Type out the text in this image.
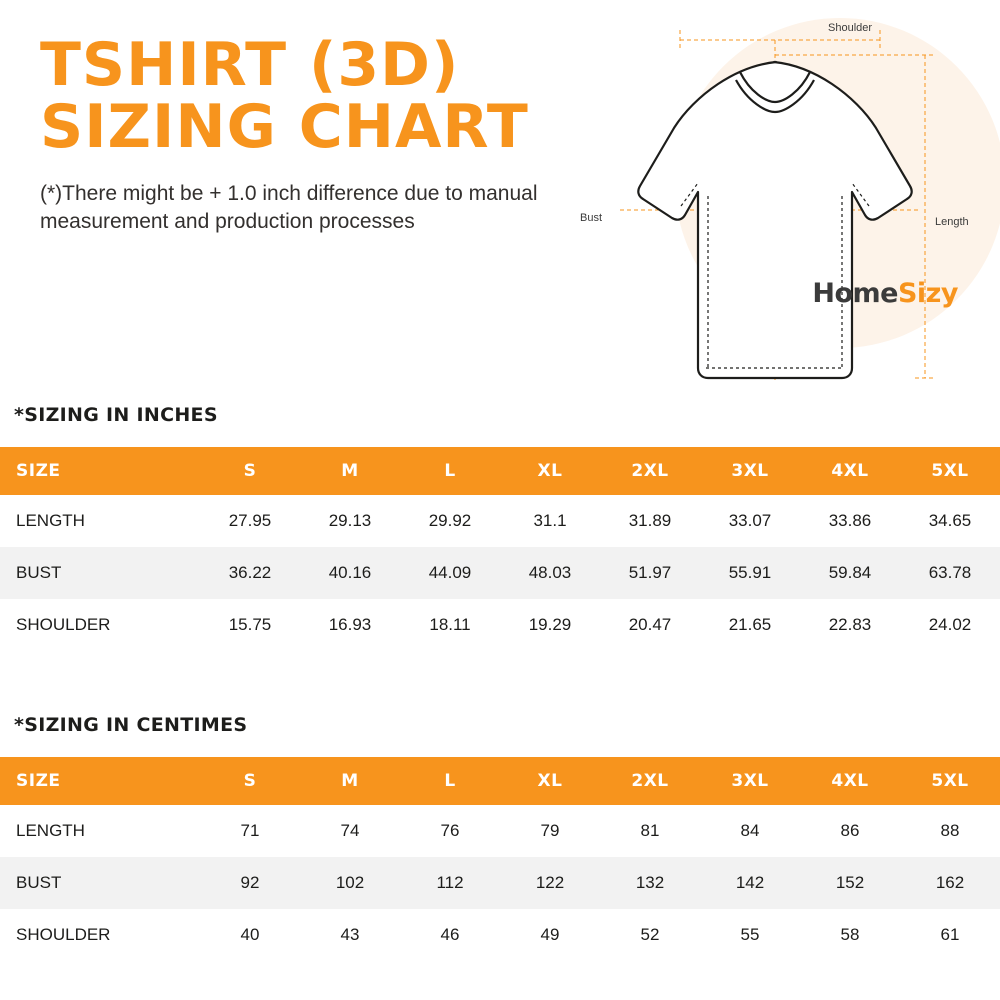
TSHIRT (3D)
SIZING CHART
(*)There might be + 1.0 inch difference due to manual measurement and production processes
Shoulder
Bust	Length
HomeSizy
*SIZING IN INCHES
SIZE	S	M	L	XL	2XL	3XL	4XL	5XL
LENGTH	27.95	29.13	29.92	31.1	31.89	33.07	33.86	34.65
BUST	36.22	40.16	44.09	48.03	51.97	55.91	59.84	63.78
SHOULDER	15.75	16.93	18.11	19.29	20.47	21.65	22.83	24.02
*SIZING IN CENTIMES
SIZE	S	M	L	XL	2XL	3XL	4XL	5XL
LENGTH	71	74	76	79	81	84	86	88
BUST	92	102	112	122	132	142	152	162
SHOULDER	40	43	46	49	52	55	58	61
